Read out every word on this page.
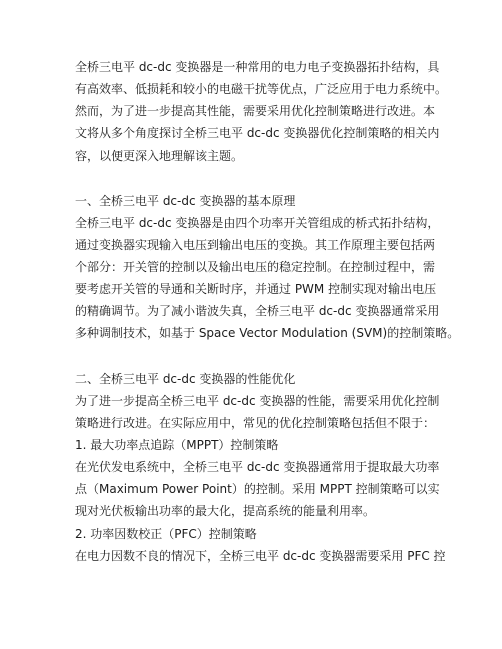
全桥三电平 dc-dc 变换器是一种常用的电力电子变换器拓扑结构，具
有高效率、低损耗和较小的电磁干扰等优点，广泛应用于电力系统中。
然而，为了进一步提高其性能，需要采用优化控制策略进行改进。本
文将从多个角度探讨全桥三电平 dc-dc 变换器优化控制策略的相关内
容，以便更深入地理解该主题。
一、全桥三电平 dc-dc 变换器的基本原理
全桥三电平 dc-dc 变换器是由四个功率开关管组成的桥式拓扑结构，
通过变换器实现输入电压到输出电压的变换。其工作原理主要包括两
个部分：开关管的控制以及输出电压的稳定控制。在控制过程中，需
要考虑开关管的导通和关断时序，并通过 PWM 控制实现对输出电压
的精确调节。为了减小谐波失真，全桥三电平 dc-dc 变换器通常采用
多种调制技术，如基于 Space Vector Modulation (SVM)的控制策略。
二、全桥三电平 dc-dc 变换器的性能优化
为了进一步提高全桥三电平 dc-dc 变换器的性能，需要采用优化控制
策略进行改进。在实际应用中，常见的优化控制策略包括但不限于：
1. 最大功率点追踪（MPPT）控制策略
在光伏发电系统中，全桥三电平 dc-dc 变换器通常用于提取最大功率
点（Maximum Power Point）的控制。采用 MPPT 控制策略可以实
现对光伏板输出功率的最大化，提高系统的能量利用率。
2. 功率因数校正（PFC）控制策略
在电力因数不良的情况下，全桥三电平 dc-dc 变换器需要采用 PFC 控
